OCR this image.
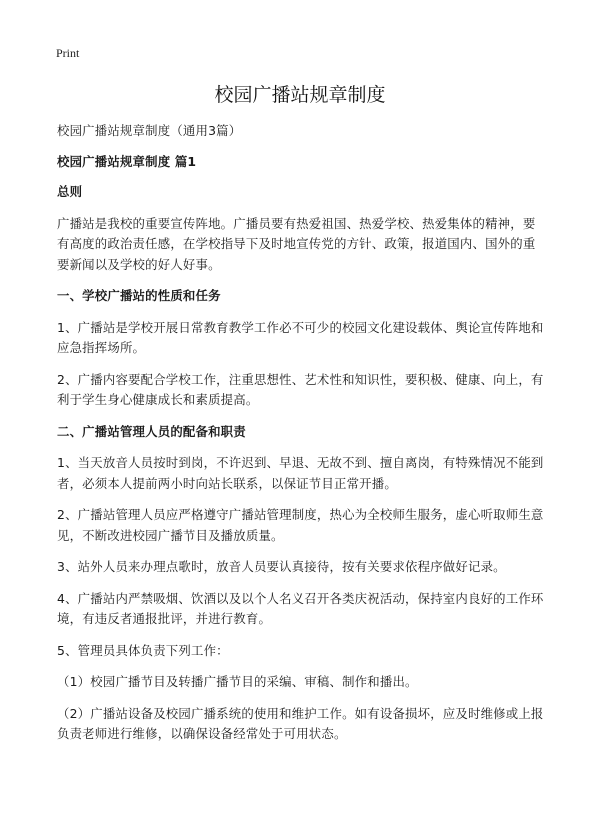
Print
校园广播站规章制度

校园广播站规章制度（通用3篇）

校园广播站规章制度 篇1

总则

广播站是我校的重要宣传阵地。广播员要有热爱祖国、热爱学校、热爱集体的精神，要有高度的政治责任感，在学校指导下及时地宣传党的方针、政策，报道国内、国外的重要新闻以及学校的好人好事。

一、学校广播站的性质和任务

1、广播站是学校开展日常教育教学工作必不可少的校园文化建设载体、舆论宣传阵地和应急指挥场所。

2、广播内容要配合学校工作，注重思想性、艺术性和知识性，要积极、健康、向上，有利于学生身心健康成长和素质提高。

二、广播站管理人员的配备和职责

1、当天放音人员按时到岗，不许迟到、早退、无故不到、擅自离岗，有特殊情况不能到者，必须本人提前两小时向站长联系，以保证节目正常开播。

2、广播站管理人员应严格遵守广播站管理制度，热心为全校师生服务，虚心听取师生意见，不断改进校园广播节目及播放质量。

3、站外人员来办理点歌时，放音人员要认真接待，按有关要求依程序做好记录。

4、广播站内严禁吸烟、饮酒以及以个人名义召开各类庆祝活动，保持室内良好的工作环境，有违反者通报批评，并进行教育。

5、管理员具体负责下列工作：

（1）校园广播节目及转播广播节目的采编、审稿、制作和播出。

（2）广播站设备及校园广播系统的使用和维护工作。如有设备损坏，应及时维修或上报负责老师进行维修，以确保设备经常处于可用状态。
